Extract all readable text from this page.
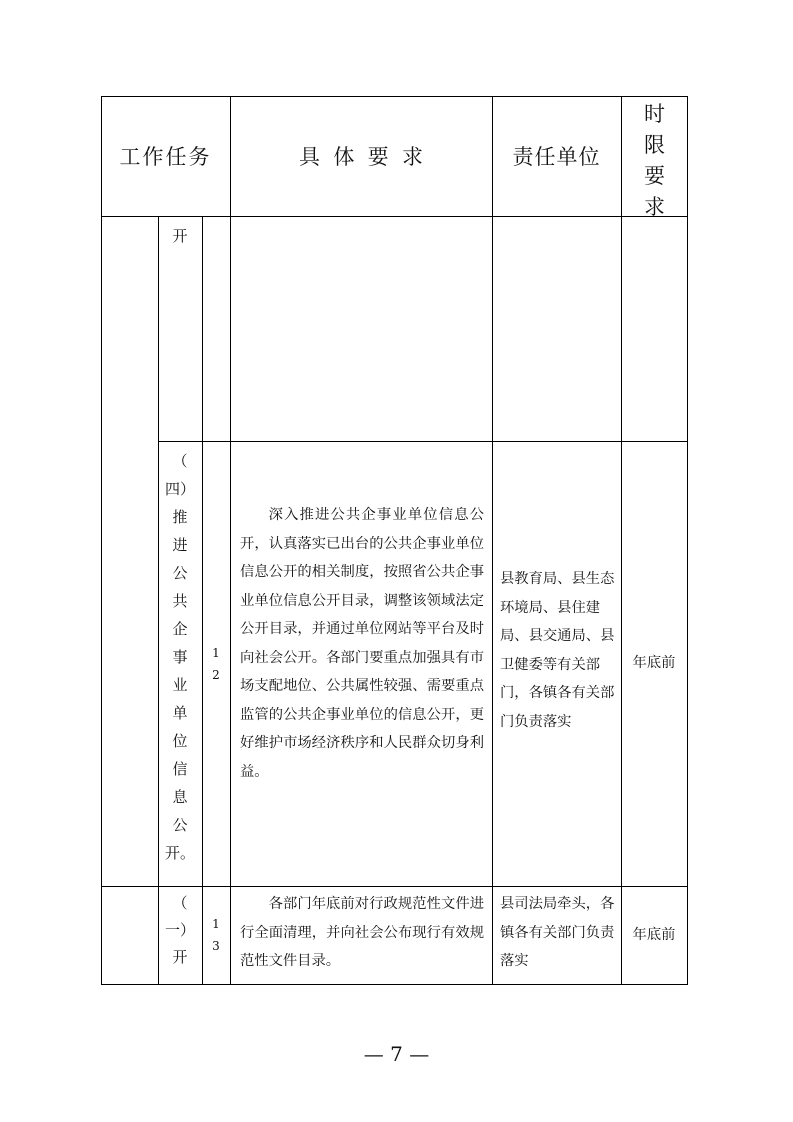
工作任务	具  体  要  求	责任单位
时限要求
开
（
四）
推
进
公
共
企
事
业
单
位
信
息
公
开。
12
深入推进公共企事业单位信息公开，认真落实已出台的公共企事业单位信息公开的相关制度，按照省公共企事业单位信息公开目录，调整该领域法定公开目录，并通过单位网站等平台及时向社会公开。各部门要重点加强具有市场支配地位、公共属性较强、需要重点监管的公共企事业单位的信息公开，更好维护市场经济秩序和人民群众切身利益。
县教育局、县生态环境局、县住建局、县交通局、县卫健委等有关部门，各镇各有关部门负责落实
年底前
（
一）
开
13
各部门年底前对行政规范性文件进行全面清理，并向社会公布现行有效规范性文件目录。
县司法局牵头，各镇各有关部门负责落实
年底前
— 7 —
